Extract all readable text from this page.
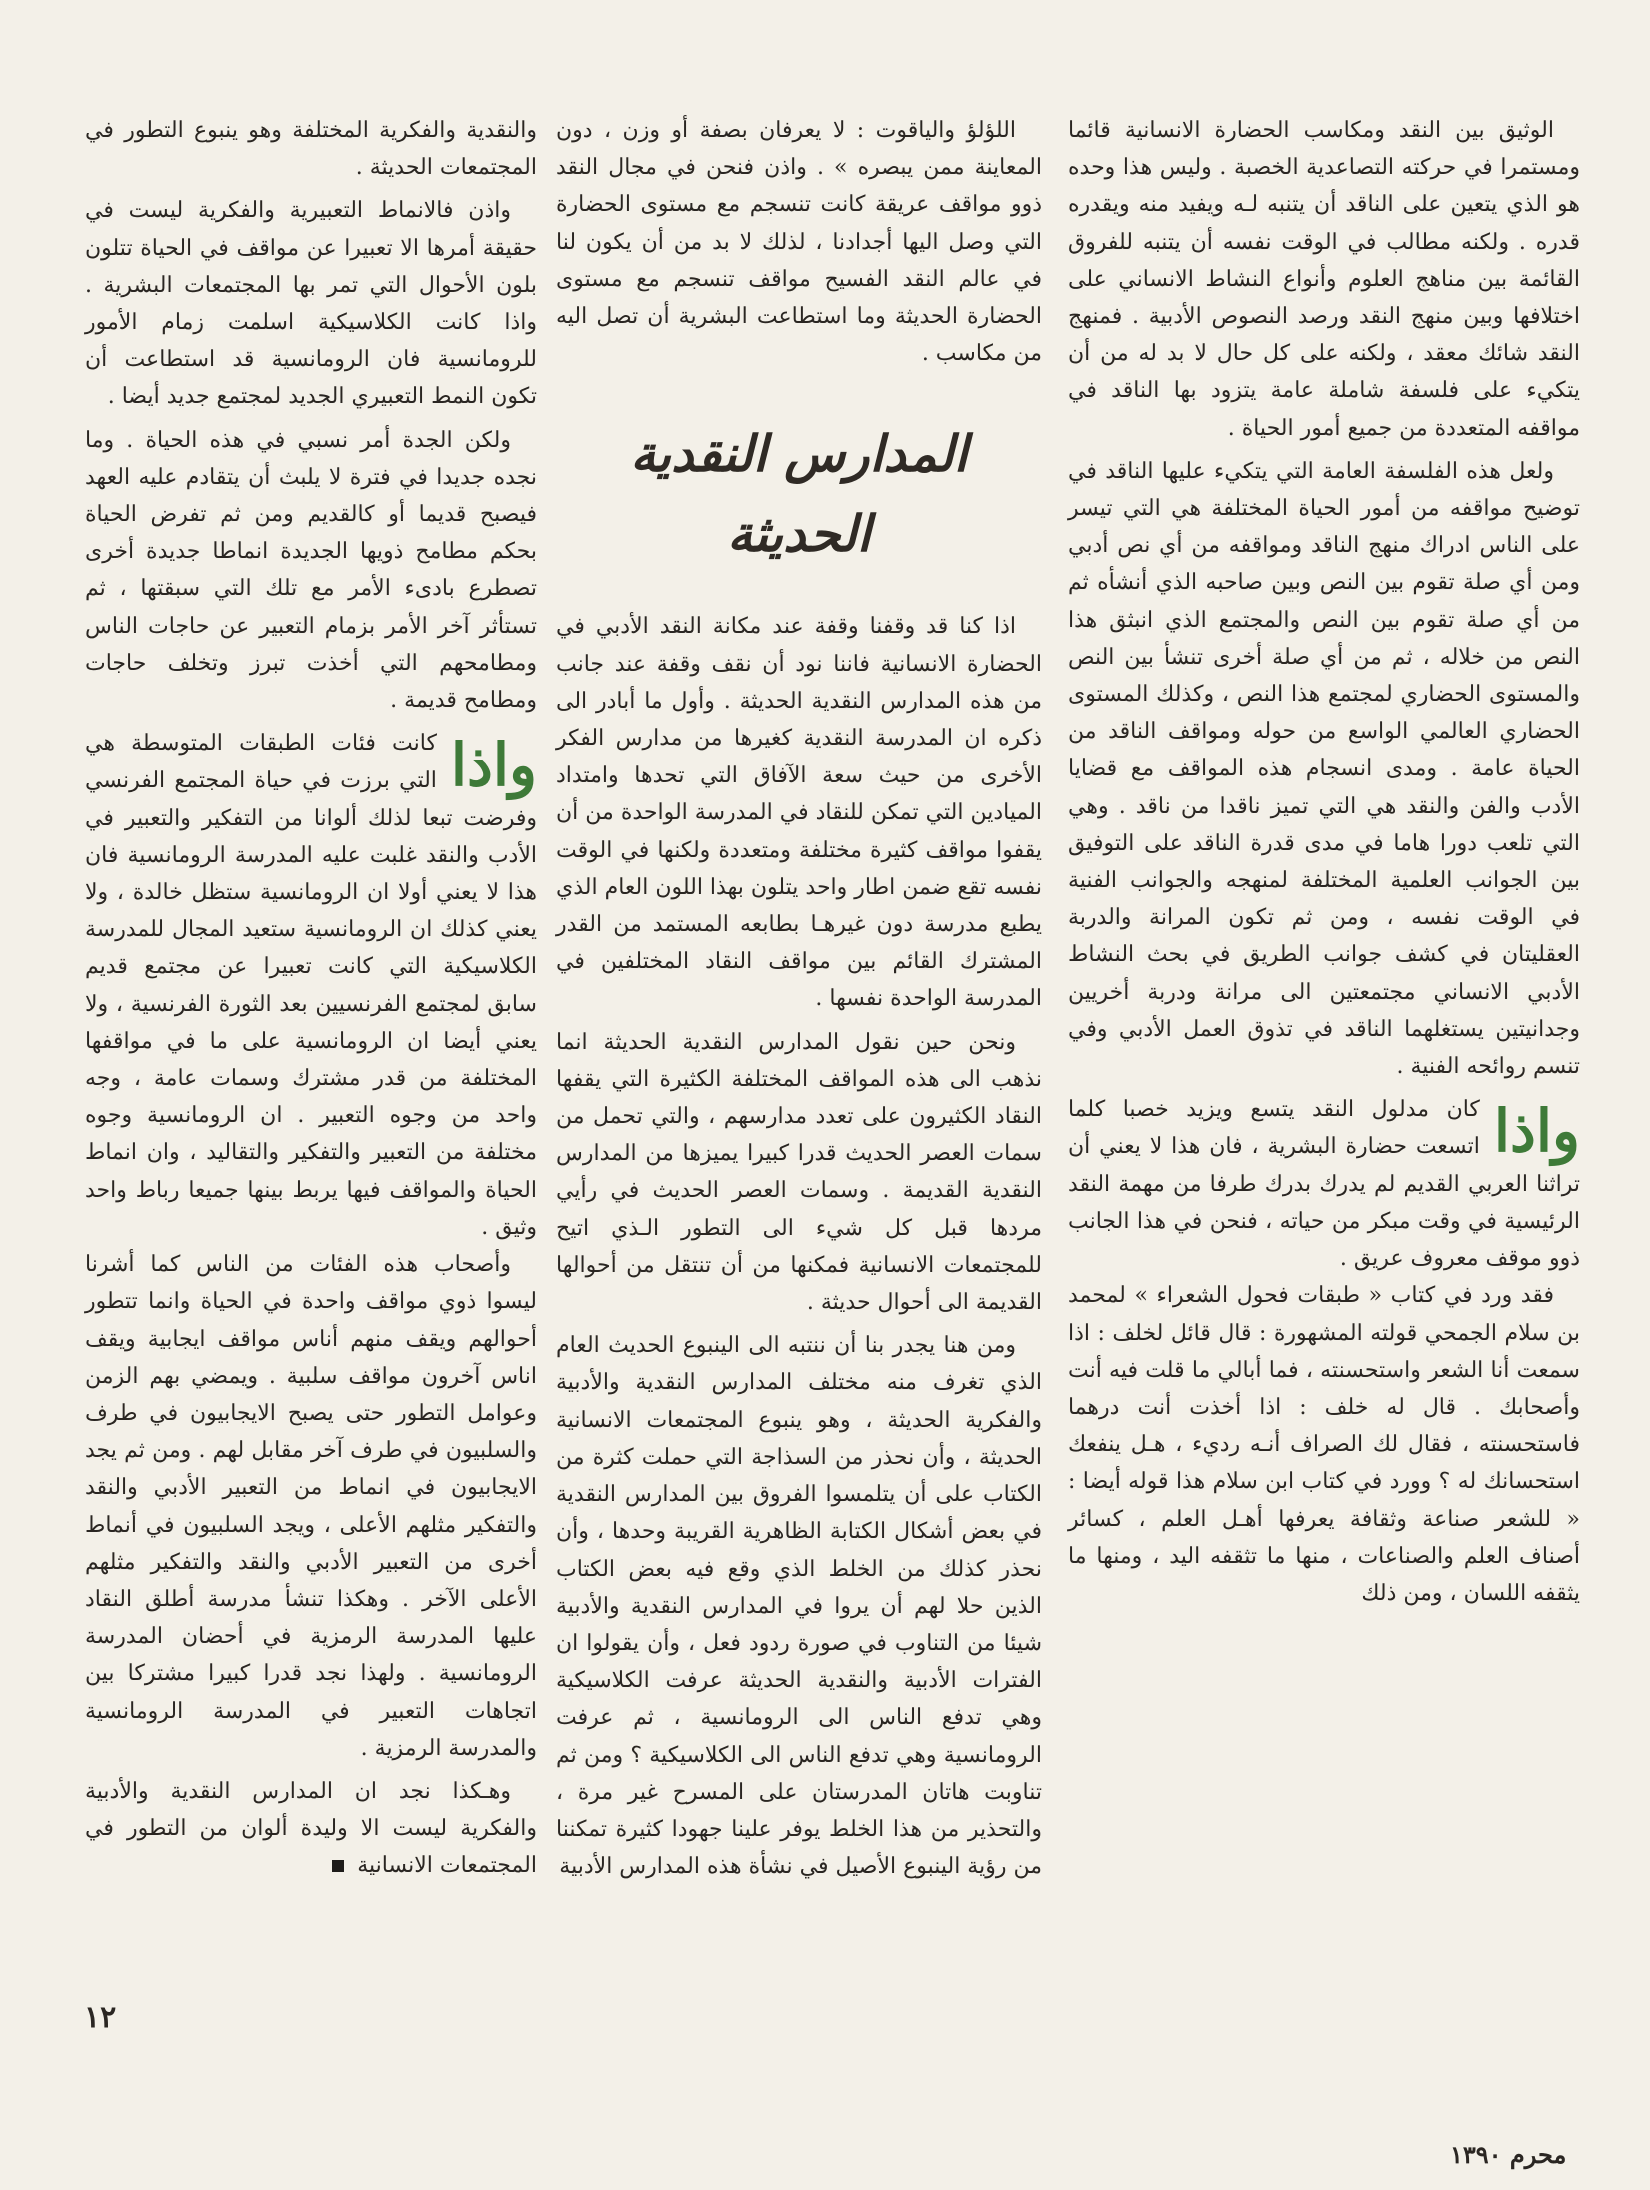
الوثيق بين النقد ومكاسب الحضارة الانسانية قائما ومستمرا في حركته التصاعدية الخصبة . وليس هذا وحده هو الذي يتعين على الناقد أن يتنبه لـه ويفيد منه ويقدره قدره . ولكنه مطالب في الوقت نفسه أن يتنبه للفروق القائمة بين مناهج العلوم وأنواع النشاط الانساني على اختلافها وبين منهج النقد ورصد النصوص الأدبية . فمنهج النقد شائك معقد ، ولكنه على كل حال لا بد له من أن يتكيء على فلسفة شاملة عامة يتزود بها الناقد في مواقفه المتعددة من جميع أمور الحياة .

ولعل هذه الفلسفة العامة التي يتكيء عليها الناقد في توضيح مواقفه من أمور الحياة المختلفة هي التي تيسر على الناس ادراك منهج الناقد ومواقفه من أي نص أدبي ومن أي صلة تقوم بين النص وبين صاحبه الذي أنشأه ثم من أي صلة تقوم بين النص والمجتمع الذي انبثق هذا النص من خلاله ، ثم من أي صلة أخرى تنشأ بين النص والمستوى الحضاري لمجتمع هذا النص ، وكذلك المستوى الحضاري العالمي الواسع من حوله ومواقف الناقد من الحياة عامة . ومدى انسجام هذه المواقف مع قضايا الأدب والفن والنقد هي التي تميز ناقدا من ناقد . وهي التي تلعب دورا هاما في مدى قدرة الناقد على التوفيق بين الجوانب العلمية المختلفة لمنهجه والجوانب الفنية في الوقت نفسه ، ومن ثم تكون المرانة والدربة العقليتان في كشف جوانب الطريق في بحث النشاط الأدبي الانساني مجتمعتين الى مرانة ودربة أخريين وجدانيتين يستغلهما الناقد في تذوق العمل الأدبي وفي تنسم روائحه الفنية .

واذا

كان مدلول النقد يتسع ويزيد خصبا كلما اتسعت حضارة البشرية ، فان هذا لا يعني أن تراثنا العربي القديم لم يدرك بدرك طرفا من مهمة النقد الرئيسية في وقت مبكر من حياته ، فنحن في هذا الجانب ذوو موقف معروف عريق .

فقد ورد في كتاب « طبقات فحول الشعراء » لمحمد بن سلام الجمحي قولته المشهورة : قال قائل لخلف : اذا سمعت أنا الشعر واستحسنته ، فما أبالي ما قلت فيه أنت وأصحابك . قال له خلف : اذا أخذت أنت درهما فاستحسنته ، فقال لك الصراف أنـه رديء ، هـل ينفعك استحسانك له ؟ وورد في كتاب ابن سلام هذا قوله أيضا : « للشعر صناعة وثقافة يعرفها أهـل العلم ، كسائر أصناف العلم والصناعات ، منها ما تثقفه اليد ، ومنها ما يثقفه اللسان ، ومن ذلك

اللؤلؤ والياقوت : لا يعرفان بصفة أو وزن ، دون المعاينة ممن يبصره » . واذن فنحن في مجال النقد ذوو مواقف عريقة كانت تنسجم مع مستوى الحضارة التي وصل اليها أجدادنا ، لذلك لا بد من أن يكون لنا في عالم النقد الفسيح مواقف تنسجم مع مستوى الحضارة الحديثة وما استطاعت البشرية أن تصل اليه من مكاسب .

المدارس النقدية الحديثة

اذا كنا قد وقفنا وقفة عند مكانة النقد الأدبي في الحضارة الانسانية فاننا نود أن نقف وقفة عند جانب من هذه المدارس النقدية الحديثة . وأول ما أبادر الى ذكره ان المدرسة النقدية كغيرها من مدارس الفكر الأخرى من حيث سعة الآفاق التي تحدها وامتداد الميادين التي تمكن للنقاد في المدرسة الواحدة من أن يقفوا مواقف كثيرة مختلفة ومتعددة ولكنها في الوقت نفسه تقع ضمن اطار واحد يتلون بهذا اللون العام الذي يطبع مدرسة دون غيرهـا بطابعه المستمد من القدر المشترك القائم بين مواقف النقاد المختلفين في المدرسة الواحدة نفسها .

ونحن حين نقول المدارس النقدية الحديثة انما نذهب الى هذه المواقف المختلفة الكثيرة التي يقفها النقاد الكثيرون على تعدد مدارسهم ، والتي تحمل من سمات العصر الحديث قدرا كبيرا يميزها من المدارس النقدية القديمة . وسمات العصر الحديث في رأيي مردها قبل كل شيء الى التطور الـذي اتيح للمجتمعات الانسانية فمكنها من أن تنتقل من أحوالها القديمة الى أحوال حديثة .

ومن هنا يجدر بنا أن ننتبه الى الينبوع الحديث العام الذي تغرف منه مختلف المدارس النقدية والأدبية والفكرية الحديثة ، وهو ينبوع المجتمعات الانسانية الحديثة ، وأن نحذر من السذاجة التي حملت كثرة من الكتاب على أن يتلمسوا الفروق بين المدارس النقدية في بعض أشكال الكتابة الظاهرية القريبة وحدها ، وأن نحذر كذلك من الخلط الذي وقع فيه بعض الكتاب الذين حلا لهم أن يروا في المدارس النقدية والأدبية شيئا من التناوب في صورة ردود فعل ، وأن يقولوا ان الفترات الأدبية والنقدية الحديثة عرفت الكلاسيكية وهي تدفع الناس الى الرومانسية ، ثم عرفت الرومانسية وهي تدفع الناس الى الكلاسيكية ؟ ومن ثم تناوبت هاتان المدرستان على المسرح غير مرة ، والتحذير من هذا الخلط يوفر علينا جهودا كثيرة تمكننا من رؤية الينبوع الأصيل في نشأة هذه المدارس الأدبية

والنقدية والفكرية المختلفة وهو ينبوع التطور في المجتمعات الحديثة .

واذن فالانماط التعبيرية والفكرية ليست في حقيقة أمرها الا تعبيرا عن مواقف في الحياة تتلون بلون الأحوال التي تمر بها المجتمعات البشرية . واذا كانت الكلاسيكية اسلمت زمام الأمور للرومانسية فان الرومانسية قد استطاعت أن تكون النمط التعبيري الجديد لمجتمع جديد أيضا .

ولكن الجدة أمر نسبي في هذه الحياة . وما نجده جديدا في فترة لا يلبث أن يتقادم عليه العهد فيصبح قديما أو كالقديم ومن ثم تفرض الحياة بحكم مطامح ذويها الجديدة انماطا جديدة أخرى تصطرع بادىء الأمر مع تلك التي سبقتها ، ثم تستأثر آخر الأمر بزمام التعبير عن حاجات الناس ومطامحهم التي أخذت تبرز وتخلف حاجات ومطامح قديمة .

واذا

كانت فئات الطبقات المتوسطة هي التي برزت في حياة المجتمع الفرنسي وفرضت تبعا لذلك ألوانا من التفكير والتعبير في الأدب والنقد غلبت عليه المدرسة الرومانسية فان هذا لا يعني أولا ان الرومانسية ستظل خالدة ، ولا يعني كذلك ان الرومانسية ستعيد المجال للمدرسة الكلاسيكية التي كانت تعبيرا عن مجتمع قديم سابق لمجتمع الفرنسيين بعد الثورة الفرنسية ، ولا يعني أيضا ان الرومانسية على ما في مواقفها المختلفة من قدر مشترك وسمات عامة ، وجه واحد من وجوه التعبير . ان الرومانسية وجوه مختلفة من التعبير والتفكير والتقاليد ، وان انماط الحياة والمواقف فيها يربط بينها جميعا رباط واحد وثيق .

وأصحاب هذه الفئات من الناس كما أشرنا ليسوا ذوي مواقف واحدة في الحياة وانما تتطور أحوالهم ويقف منهم أناس مواقف ايجابية ويقف اناس آخرون مواقف سلبية . ويمضي بهم الزمن وعوامل التطور حتى يصبح الايجابيون في طرف والسلبيون في طرف آخر مقابل لهم . ومن ثم يجد الايجابيون في انماط من التعبير الأدبي والنقد والتفكير مثلهم الأعلى ، ويجد السلبيون في أنماط أخرى من التعبير الأدبي والنقد والتفكير مثلهم الأعلى الآخر . وهكذا تنشأ مدرسة أطلق النقاد عليها المدرسة الرمزية في أحضان المدرسة الرومانسية . ولهذا نجد قدرا كبيرا مشتركا بين اتجاهات التعبير في المدرسة الرومانسية والمدرسة الرمزية .

وهـكذا نجد ان المدارس النقدية والأدبية والفكرية ليست الا وليدة ألوان من التطور في المجتمعات الانسانية

١٢
محرم ١٣٩٠
